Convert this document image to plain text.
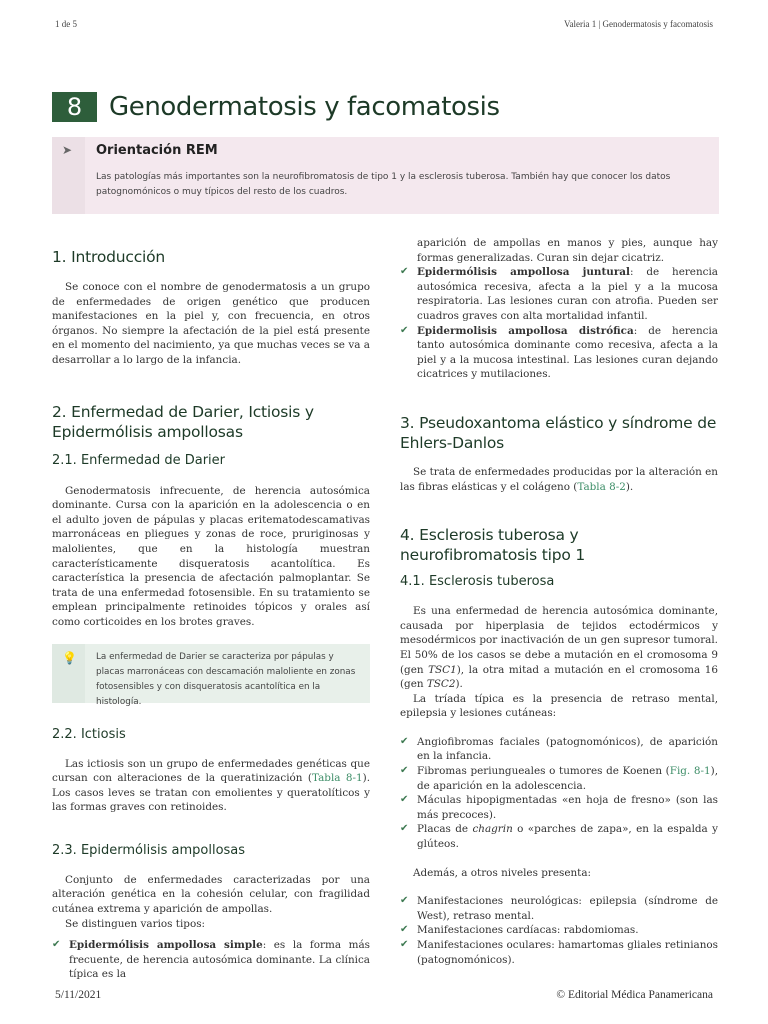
1 de 5	Valeria 1 | Genodermatosis y facomatosis
8	Genodermatosis y facomatosis
➤ Orientación REM
Las patologías más importantes son la neurofibromatosis de tipo 1 y la esclerosis tuberosa. También hay que conocer los datos patognomónicos o muy típicos del resto de los cuadros.
1. Introducción

Se conoce con el nombre de genodermatosis a un grupo de enfermedades de origen genético que producen manifestaciones en la piel y, con frecuencia, en otros órganos. No siempre la afectación de la piel está presente en el momento del nacimiento, ya que muchas veces se va a desarrollar a lo largo de la infancia.

2. Enfermedad de Darier, Ictiosis y Epidermólisis ampollosas
2.1. Enfermedad de Darier

Genodermatosis infrecuente, de herencia autosómica dominante. Cursa con la aparición en la adolescencia o en el adulto joven de pápulas y placas eritematodescamativas marronáceas en pliegues y zonas de roce, pruriginosas y malolientes, que en la histología muestran característicamente disqueratosis acantolítica. Es característica la presencia de afectación palmoplantar. Se trata de una enfermedad fotosensible. En su tratamiento se emplean principalmente retinoides tópicos y orales así como corticoides en los brotes graves.

💡 La enfermedad de Darier se caracteriza por pápulas y placas marronáceas con descamación maloliente en zonas fotosensibles y con disqueratosis acantolítica en la histología.
2.2. Ictiosis

Las ictiosis son un grupo de enfermedades genéticas que cursan con alteraciones de la queratinización (Tabla 8-1). Los casos leves se tratan con emolientes y queratolíticos y las formas graves con retinoides.

2.3. Epidermólisis ampollosas

Conjunto de enfermedades caracterizadas por una alteración genética en la cohesión celular, con fragilidad cutánea extrema y aparición de ampollas.

Se distinguen varios tipos:

✔ Epidermólisis ampollosa simple: es la forma más frecuente, de herencia autosómica dominante. La clínica típica es la

aparición de ampollas en manos y pies, aunque hay formas generalizadas. Curan sin dejar cicatriz.

✔ Epidermólisis ampollosa juntural: de herencia autosómica recesiva, afecta a la piel y a la mucosa respiratoria. Las lesiones curan con atrofia. Pueden ser cuadros graves con alta mortalidad infantil.
✔ Epidermolisis ampollosa distrófica: de herencia tanto autosómica dominante como recesiva, afecta a la piel y a la mucosa intestinal. Las lesiones curan dejando cicatrices y mutilaciones.
3. Pseudoxantoma elástico y síndrome de Ehlers-Danlos

Se trata de enfermedades producidas por la alteración en las fibras elásticas y el colágeno (Tabla 8-2).

4. Esclerosis tuberosa y neurofibromatosis tipo 1
4.1. Esclerosis tuberosa

Es una enfermedad de herencia autosómica dominante, causada por hiperplasia de tejidos ectodérmicos y mesodérmicos por inactivación de un gen supresor tumoral. El 50% de los casos se debe a mutación en el cromosoma 9 (gen TSC1), la otra mitad a mutación en el cromosoma 16 (gen TSC2).

La tríada típica es la presencia de retraso mental, epilepsia y lesiones cutáneas:

✔ Angiofibromas faciales (patognomónicos), de aparición en la infancia.
✔ Fibromas periungueales o tumores de Koenen (Fig. 8-1), de aparición en la adolescencia.
✔ Máculas hipopigmentadas «en hoja de fresno» (son las más precoces).
✔ Placas de chagrin o «parches de zapa», en la espalda y glúteos.

Además, a otros niveles presenta:

✔ Manifestaciones neurológicas: epilepsia (síndrome de West), retraso mental.
✔ Manifestaciones cardíacas: rabdomiomas.
✔ Manifestaciones oculares: hamartomas gliales retinianos (patognomónicos).
5/11/2021	© Editorial Médica Panamericana
